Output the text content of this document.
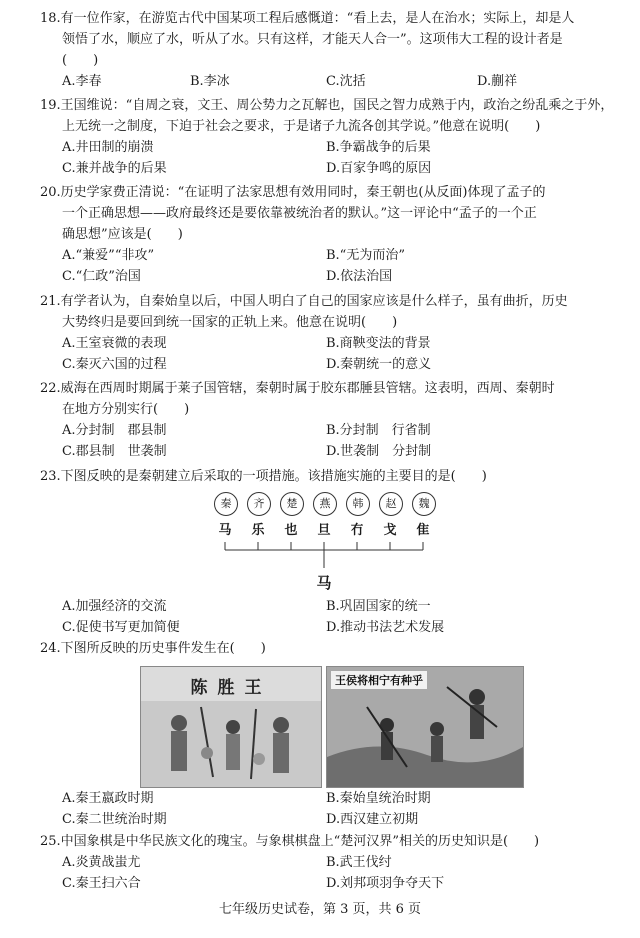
18.有一位作家，在游览古代中国某项工程后感慨道：“看上去，是人在治水；实际上，却是人

领悟了水，顺应了水，听从了水。只有这样，才能天人合一”。这项伟大工程的设计者是

(　　)

A.李春	B.李冰	C.沈括	D.蒯祥

19.王国维说：“自周之衰，文王、周公势力之瓦解也，国民之智力成熟于内，政治之纷乱乘之于外，

上无统一之制度，下迫于社会之要求，于是诸子九流各创其学说。”他意在说明(　　)

A.井田制的崩溃	B.争霸战争的后果
C.兼并战争的后果	D.百家争鸣的原因

20.历史学家费正清说：“在证明了法家思想有效用同时，秦王朝也(从反面)体现了孟子的

一个正确思想——政府最终还是要依靠被统治者的默认。”这一评论中“孟子的一个正

确思想”应该是(　　)

A.“兼爱”“非攻”	B.“无为而治”
C.“仁政”治国	D.依法治国

21.有学者认为，自秦始皇以后，中国人明白了自己的国家应该是什么样子，虽有曲折，历史

大势终归是要回到统一国家的正轨上来。他意在说明(　　)

A.王室衰微的表现	B.商鞅变法的背景
C.秦灭六国的过程	D.秦朝统一的意义

22.威海在西周时期属于莱子国管辖，秦朝时属于胶东郡腄县管辖。这表明，西周、秦朝时

在地方分别实行(　　)

A.分封制　郡县制	B.分封制　行省制
C.郡县制　世袭制	D.世袭制　分封制

23.下图反映的是秦朝建立后采取的一项措施。该措施实施的主要目的是(　　)

秦	齐	楚	燕	韩	赵	魏
马	乐	也	旦	冇	戈	隹
马
A.加强经济的交流	B.巩固国家的统一
C.促使书写更加简便	D.推动书法艺术发展

24.下图所反映的历史事件发生在(　　)

陈胜王	王侯将相宁有种乎
A.秦王嬴政时期	B.秦始皇统治时期
C.秦二世统治时期	D.西汉建立初期

25.中国象棋是中华民族文化的瑰宝。与象棋棋盘上“楚河汉界”相关的历史知识是(　　)

A.炎黄战蚩尤	B.武王伐纣
C.秦王扫六合	D.刘邦项羽争夺天下
七年级历史试卷，第 3 页，共 6 页
